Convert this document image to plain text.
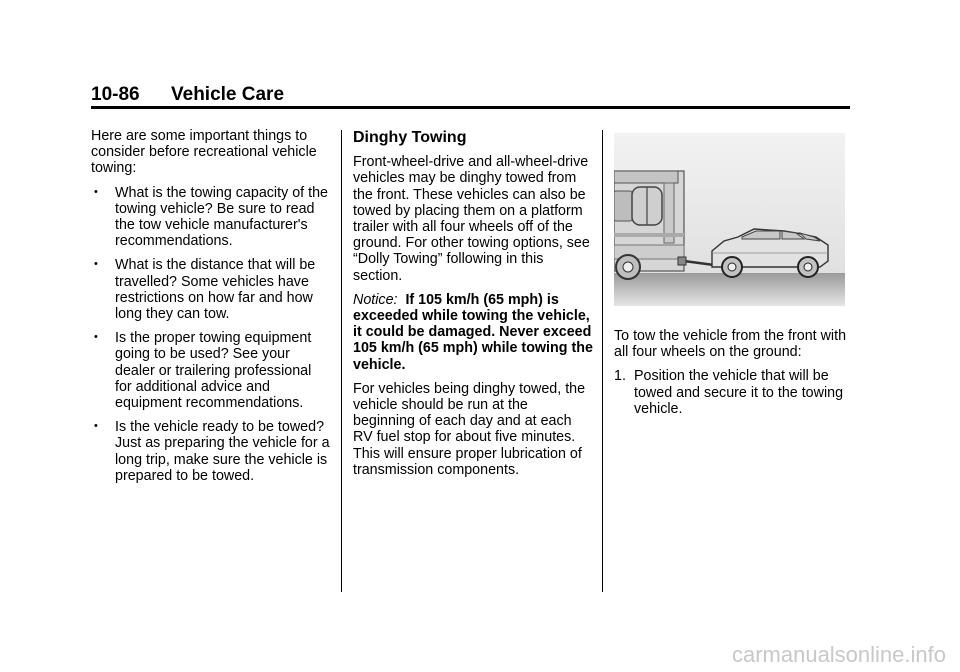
10-86 Vehicle Care

Here are some important things to consider before recreational vehicle towing:

• What is the towing capacity of the towing vehicle? Be sure to read the tow vehicle manufacturer's recommendations.
• What is the distance that will be travelled? Some vehicles have restrictions on how far and how long they can tow.
• Is the proper towing equipment going to be used? See your dealer or trailering professional for additional advice and equipment recommendations.
• Is the vehicle ready to be towed? Just as preparing the vehicle for a long trip, make sure the vehicle is prepared to be towed.

Dinghy Towing

Front-wheel-drive and all-wheel-drive vehicles may be dinghy towed from the front. These vehicles can also be towed by placing them on a platform trailer with all four wheels off of the ground. For other towing options, see “Dolly Towing” following in this section.

Notice: If 105 km/h (65 mph) is exceeded while towing the vehicle, it could be damaged. Never exceed 105 km/h (65 mph) while towing the vehicle.

For vehicles being dinghy towed, the vehicle should be run at the beginning of each day and at each RV fuel stop for about five minutes. This will ensure proper lubrication of transmission components.

To tow the vehicle from the front with all four wheels on the ground:

1. Position the vehicle that will be towed and secure it to the towing vehicle.
carmanualsonline.info
